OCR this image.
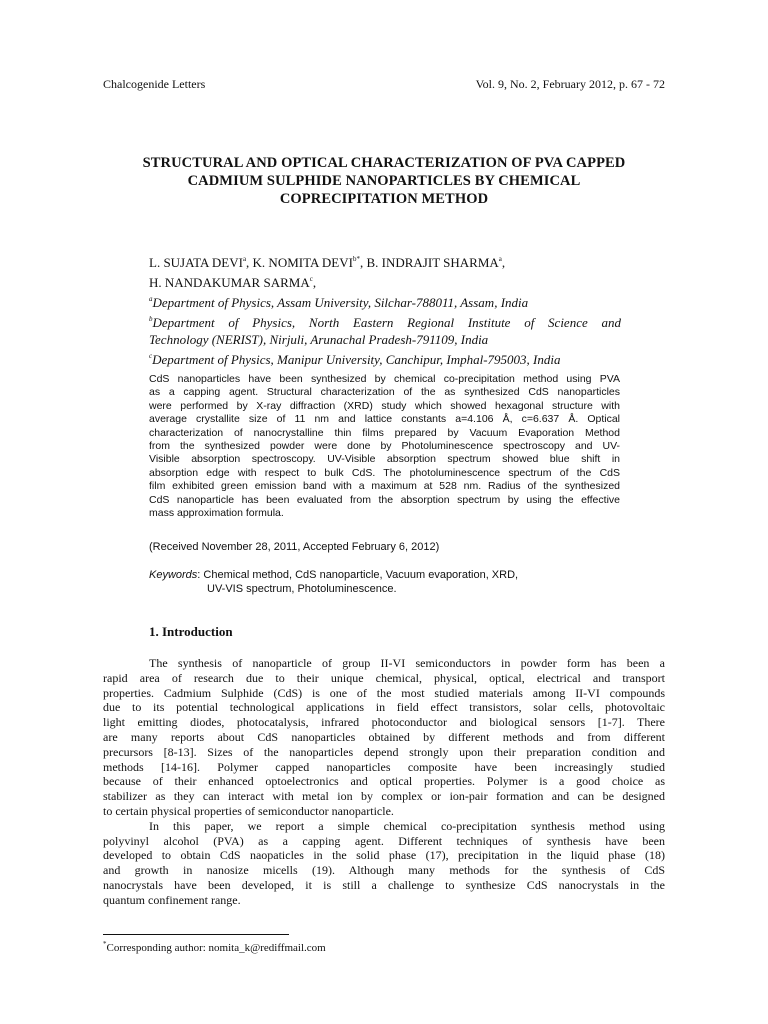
Chalcogenide Letters	Vol. 9, No. 2, February 2012, p. 67 - 72
STRUCTURAL AND OPTICAL CHARACTERIZATION OF PVA CAPPED
CADMIUM SULPHIDE NANOPARTICLES BY CHEMICAL
COPRECIPITATION METHOD
L. SUJATA DEVI$^a$, K. NOMITA $DEVI^{b*}$, B. INDRAJIT SHARMA$^a$,
H. NANDAKUMAR SARMA$^c$,
$^a$Department of Physics, Assam University, Silchar-788011, Assam, India
$^b$Department of Physics, North Eastern Regional Institute of Science and
Technology (NERIST), Nirjuli, Arunachal Pradesh-791109, India
$^c$Department of Physics, Manipur University, Canchipur, Imphal-795003, India
CdS nanoparticles have been synthesized by chemical co-precipitation method using PVA
as a capping agent. Structural characterization of the as synthesized CdS nanoparticles
were performed by X-ray diffraction (XRD) study which showed hexagonal structure with
average crystallite size of 11 nm and lattice constants a=4.106 Å, c=6.637 Å. Optical
characterization of nanocrystalline thin films prepared by Vacuum Evaporation Method
from the synthesized powder were done by Photoluminescence spectroscopy and UV-
Visible absorption spectroscopy. UV-Visible absorption spectrum showed blue shift in
absorption edge with respect to bulk CdS. The photoluminescence spectrum of the CdS
film exhibited green emission band with a maximum at 528 nm. Radius of the synthesized
CdS nanoparticle has been evaluated from the absorption spectrum by using the effective
mass approximation formula.
(Received November 28, 2011, Accepted February 6, 2012)
Keywords: Chemical method, CdS nanoparticle, Vacuum evaporation, XRD,
UV-VIS spectrum, Photoluminescence.
1. Introduction
The synthesis of nanoparticle of group II-VI semiconductors in powder form has been a
rapid area of research due to their unique chemical, physical, optical, electrical and transport
properties. Cadmium Sulphide (CdS) is one of the most studied materials among II-VI compounds
due to its potential technological applications in field effect transistors, solar cells, photovoltaic
light emitting diodes, photocatalysis, infrared photoconductor and biological sensors [1-7]. There
are many reports about CdS nanoparticles obtained by different methods and from different
precursors [8-13]. Sizes of the nanoparticles depend strongly upon their preparation condition and
methods [14-16]. Polymer capped nanoparticles composite have been increasingly studied
because of their enhanced optoelectronics and optical properties. Polymer is a good choice as
stabilizer as they can interact with metal ion by complex or ion-pair formation and can be designed
to certain physical properties of semiconductor nanoparticle.
In this paper, we report a simple chemical co-precipitation synthesis method using
polyvinyl alcohol (PVA) as a capping agent. Different techniques of synthesis have been
developed to obtain CdS naopaticles in the solid phase (17), precipitation in the liquid phase (18)
and growth in nanosize micells (19). Although many methods for the synthesis of CdS
nanocrystals have been developed, it is still a challenge to synthesize CdS nanocrystals in the
quantum confinement range.
*Corresponding author: nomita_k@rediffmail.com
